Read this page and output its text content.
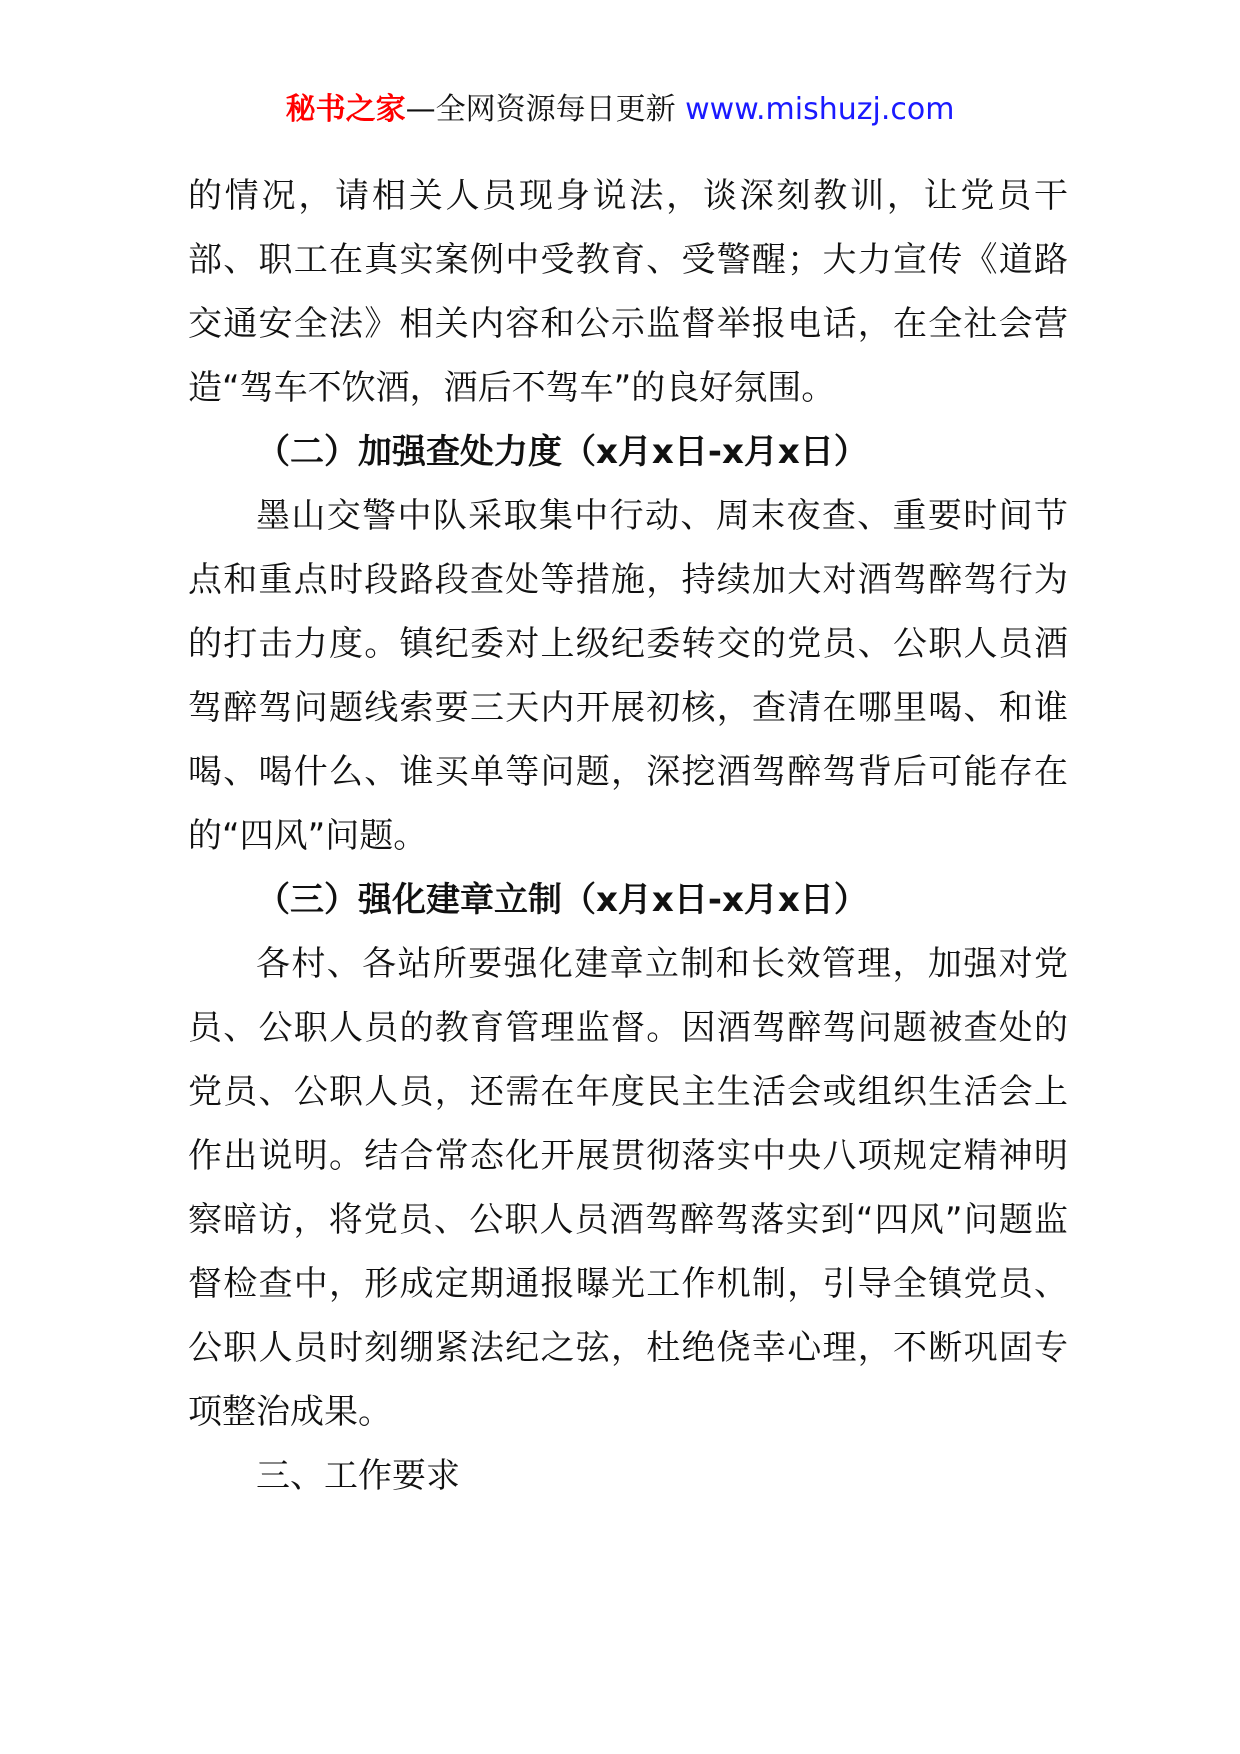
秘书之家—全网资源每日更新 www.mishuzj.com

的情况，请相关人员现身说法，谈深刻教训，让党员干部、职工在真实案例中受教育、受警醒；大力宣传《道路交通安全法》相关内容和公示监督举报电话，在全社会营造“驾车不饮酒，酒后不驾车”的良好氛围。

（二）加强查处力度（x月x日-x月x日）

墨山交警中队采取集中行动、周末夜查、重要时间节点和重点时段路段查处等措施，持续加大对酒驾醉驾行为的打击力度。镇纪委对上级纪委转交的党员、公职人员酒驾醉驾问题线索要三天内开展初核，查清在哪里喝、和谁喝、喝什么、谁买单等问题，深挖酒驾醉驾背后可能存在的“四风”问题。

（三）强化建章立制（x月x日-x月x日）

各村、各站所要强化建章立制和长效管理，加强对党员、公职人员的教育管理监督。因酒驾醉驾问题被查处的党员、公职人员，还需在年度民主生活会或组织生活会上作出说明。结合常态化开展贯彻落实中央八项规定精神明察暗访，将党员、公职人员酒驾醉驾落实到“四风”问题监督检查中，形成定期通报曝光工作机制，引导全镇党员、公职人员时刻绷紧法纪之弦，杜绝侥幸心理，不断巩固专项整治成果。

三、工作要求
